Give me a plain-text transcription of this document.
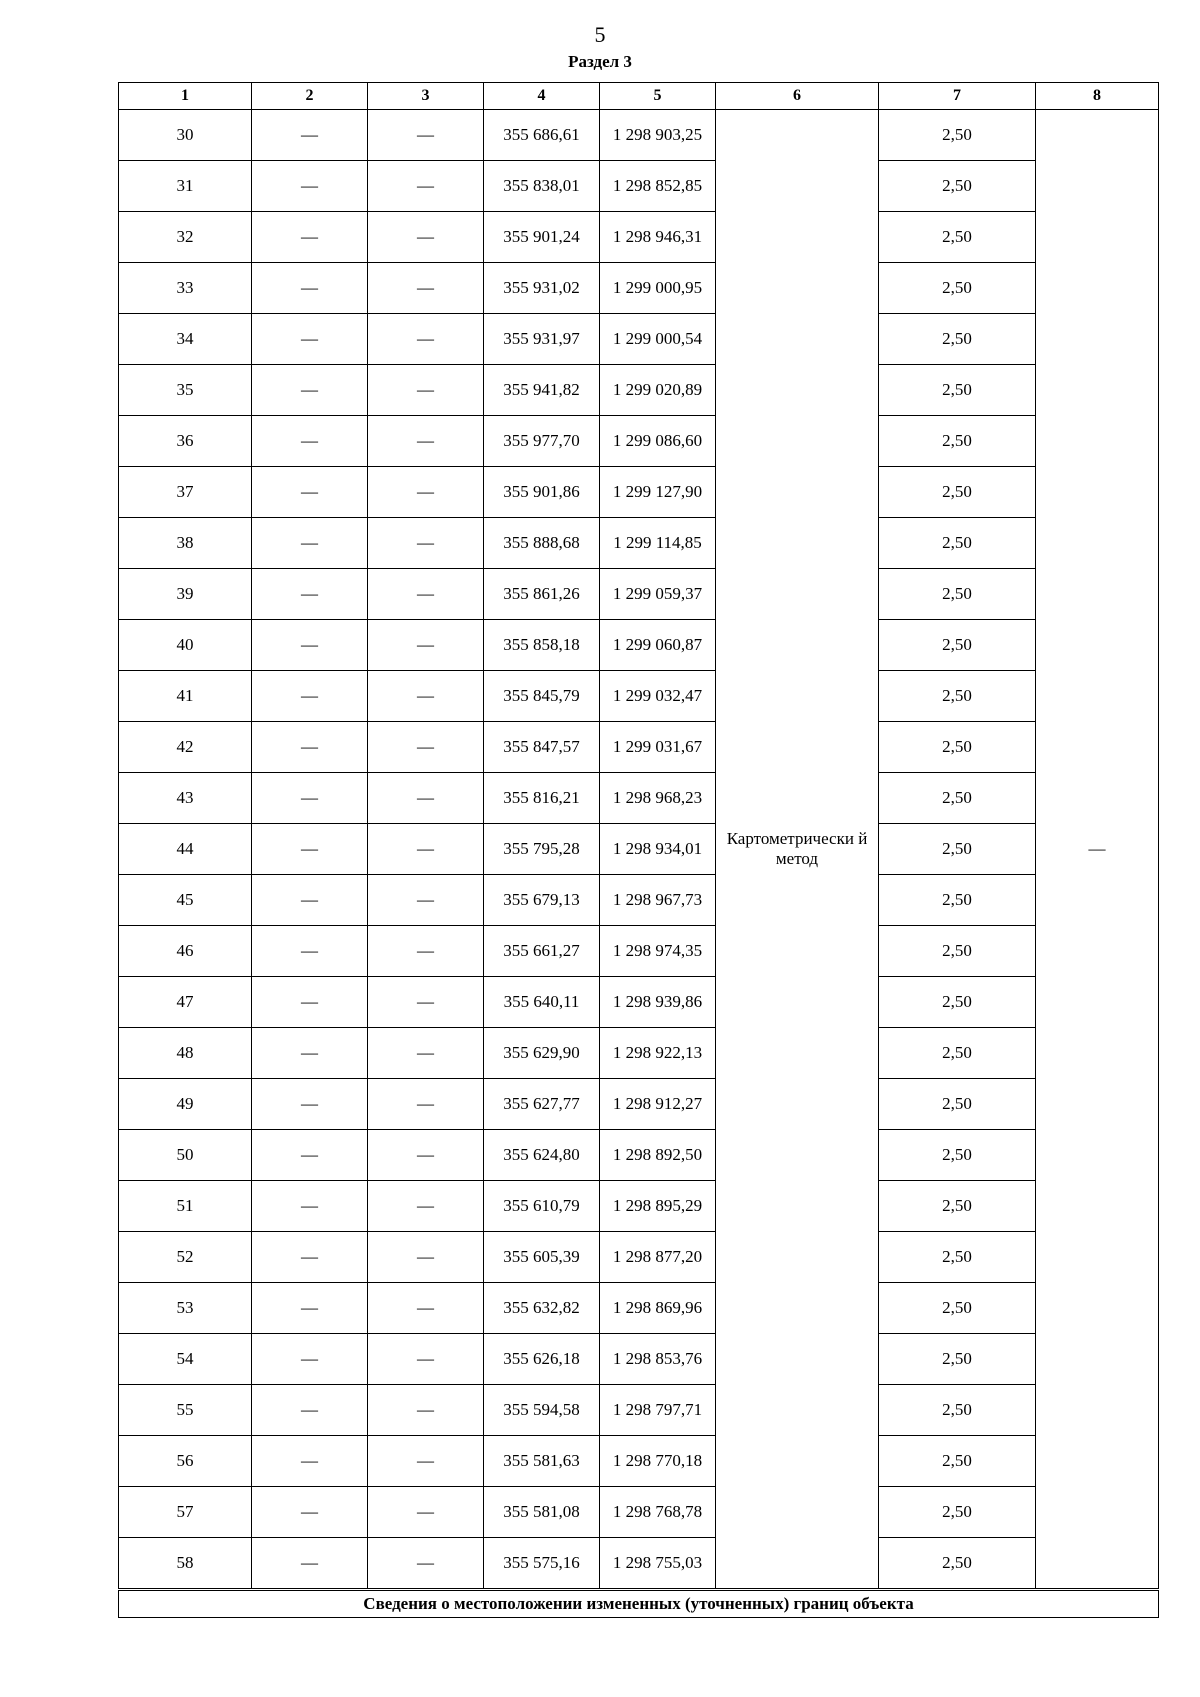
5
Раздел 3
1	2	3	4	5	6	7	8
30	—	—	355 686,61	1 298 903,25	Картометрически й метод	2,50	—
31	—	—	355 838,01	1 298 852,85		2,50	
32	—	—	355 901,24	1 298 946,31		2,50	
33	—	—	355 931,02	1 299 000,95		2,50	
34	—	—	355 931,97	1 299 000,54		2,50	
35	—	—	355 941,82	1 299 020,89		2,50	
36	—	—	355 977,70	1 299 086,60		2,50	
37	—	—	355 901,86	1 299 127,90		2,50	
38	—	—	355 888,68	1 299 114,85		2,50	
39	—	—	355 861,26	1 299 059,37		2,50	
40	—	—	355 858,18	1 299 060,87		2,50	
41	—	—	355 845,79	1 299 032,47		2,50	
42	—	—	355 847,57	1 299 031,67		2,50	
43	—	—	355 816,21	1 298 968,23		2,50	
44	—	—	355 795,28	1 298 934,01		2,50	
45	—	—	355 679,13	1 298 967,73		2,50	
46	—	—	355 661,27	1 298 974,35		2,50	
47	—	—	355 640,11	1 298 939,86		2,50	
48	—	—	355 629,90	1 298 922,13		2,50	
49	—	—	355 627,77	1 298 912,27		2,50	
50	—	—	355 624,80	1 298 892,50		2,50	
51	—	—	355 610,79	1 298 895,29		2,50	
52	—	—	355 605,39	1 298 877,20		2,50	
53	—	—	355 632,82	1 298 869,96		2,50	
54	—	—	355 626,18	1 298 853,76		2,50	
55	—	—	355 594,58	1 298 797,71		2,50	
56	—	—	355 581,63	1 298 770,18		2,50	
57	—	—	355 581,08	1 298 768,78		2,50	
58	—	—	355 575,16	1 298 755,03		2,50	
Сведения о местоположении измененных (уточненных) границ объекта							
